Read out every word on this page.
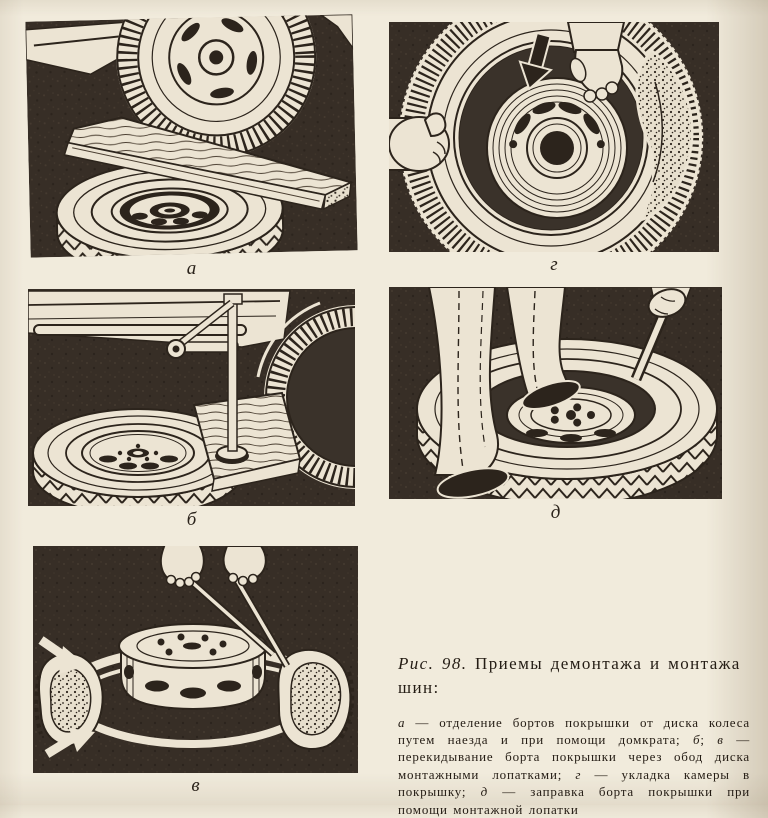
а	г
б	д
в

Рис. 98. Приемы демонтажа и монтажа шин:

а — отделение бортов покрышки от диска колеса путем наезда и при помощи домкрата; б; в — перекидывание борта покрышки через обод диска монтажными лопатками; г — укладка камеры в покрышку; д — заправка борта покрышки при помощи монтажной лопатки
